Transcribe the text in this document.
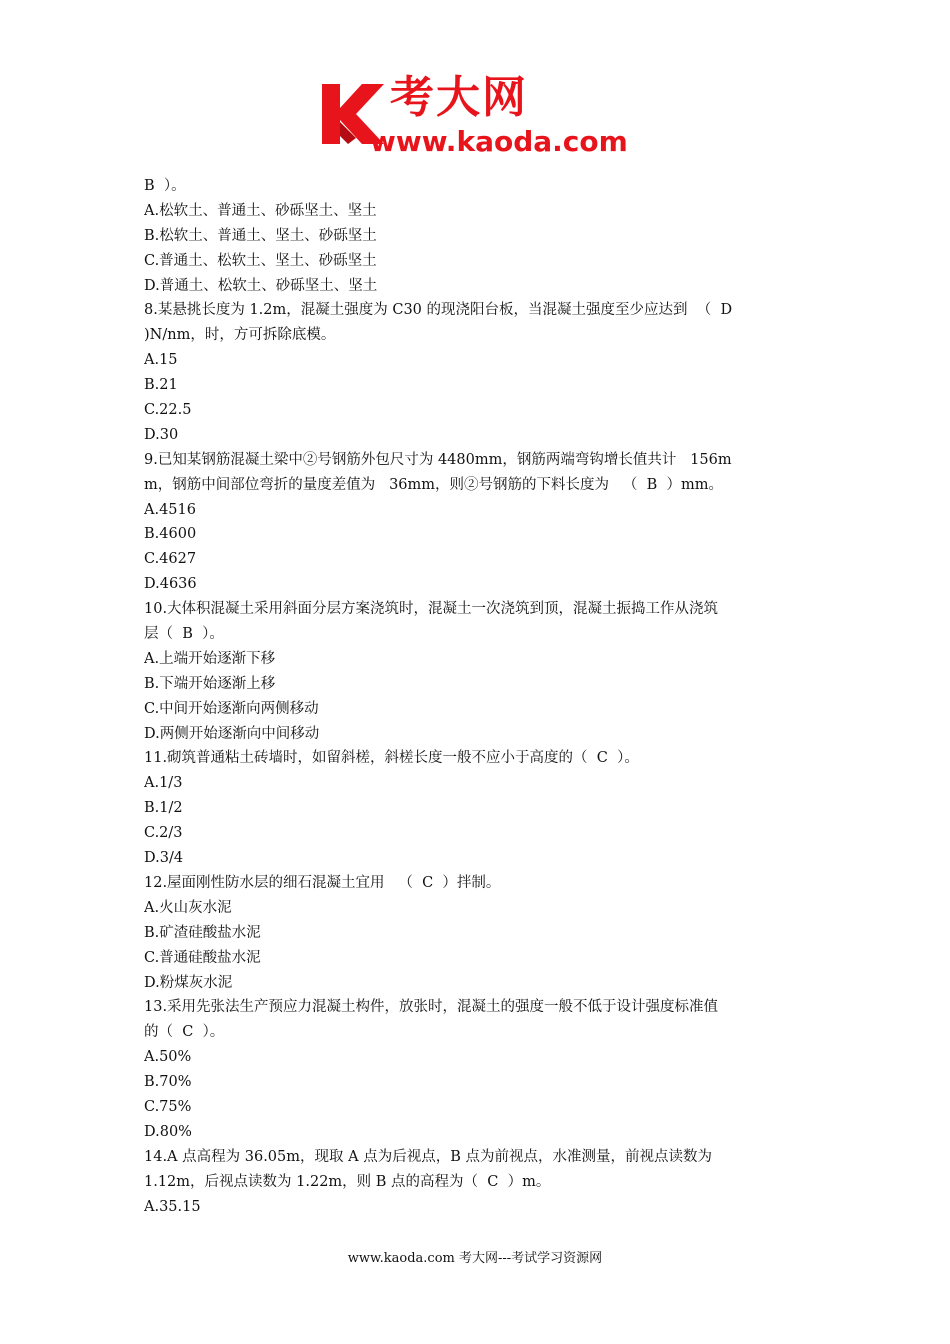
考大网
www.kaoda.com
B  ）。
A.松软土、普通土、砂砾坚土、坚土
B.松软土、普通土、坚土、砂砾坚土
C.普通土、松软土、坚土、砂砾坚土
D.普通土、松软土、砂砾坚土、坚土
8.某悬挑长度为 1.2m，混凝土强度为 C30 的现浇阳台板，当混凝土强度至少应达到  （  D
)N/nm，时，方可拆除底模。
A.15
B.21
C.22.5
D.30
9.已知某钢筋混凝土梁中②号钢筋外包尺寸为 4480mm，钢筋两端弯钩增长值共计   156m
m，钢筋中间部位弯折的量度差值为   36mm，则②号钢筋的下料长度为   （  B  ）mm。
A.4516
B.4600
C.4627
D.4636
10.大体积混凝土采用斜面分层方案浇筑时，混凝土一次浇筑到顶，混凝土振捣工作从浇筑
层（  B  ）。
A.上端开始逐渐下移
B.下端开始逐渐上移
C.中间开始逐渐向两侧移动
D.两侧开始逐渐向中间移动
11.砌筑普通粘土砖墙时，如留斜槎，斜槎长度一般不应小于高度的（  C  ）。
A.1/3
B.1/2
C.2/3
D.3/4
12.屋面刚性防水层的细石混凝土宜用   （  C  ）拌制。
A.火山灰水泥
B.矿渣硅酸盐水泥
C.普通硅酸盐水泥
D.粉煤灰水泥
13.采用先张法生产预应力混凝土构件，放张时，混凝土的强度一般不低于设计强度标准值
的（  C  ）。
A.50%
B.70%
C.75%
D.80%
14.A 点高程为 36.05m，现取 A 点为后视点，B 点为前视点，水准测量，前视点读数为
1.12m，后视点读数为 1.22m，则 B 点的高程为（  C  ）m。
A.35.15
www.kaoda.com 考大网---考试学习资源网
